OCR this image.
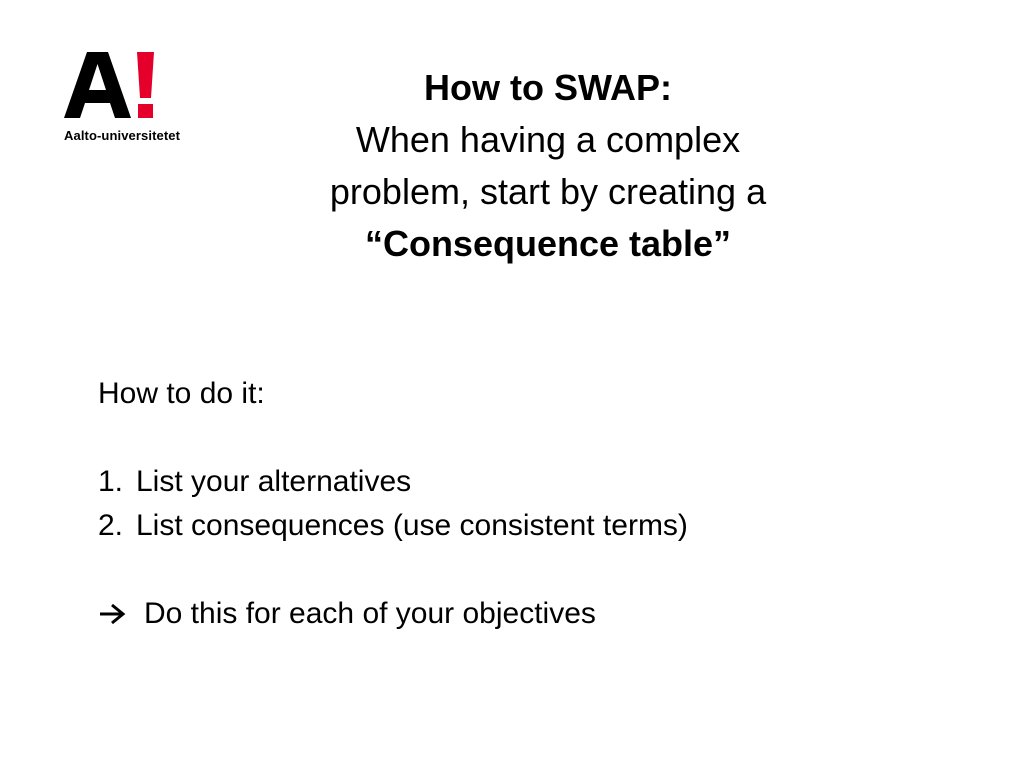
Aalto-universitetet
How to SWAP:
When having a complex
problem, start by creating a
“Consequence table”

How to do it:

1. List your alternatives
2. List consequences (use consistent terms)
Do this for each of your objectives
